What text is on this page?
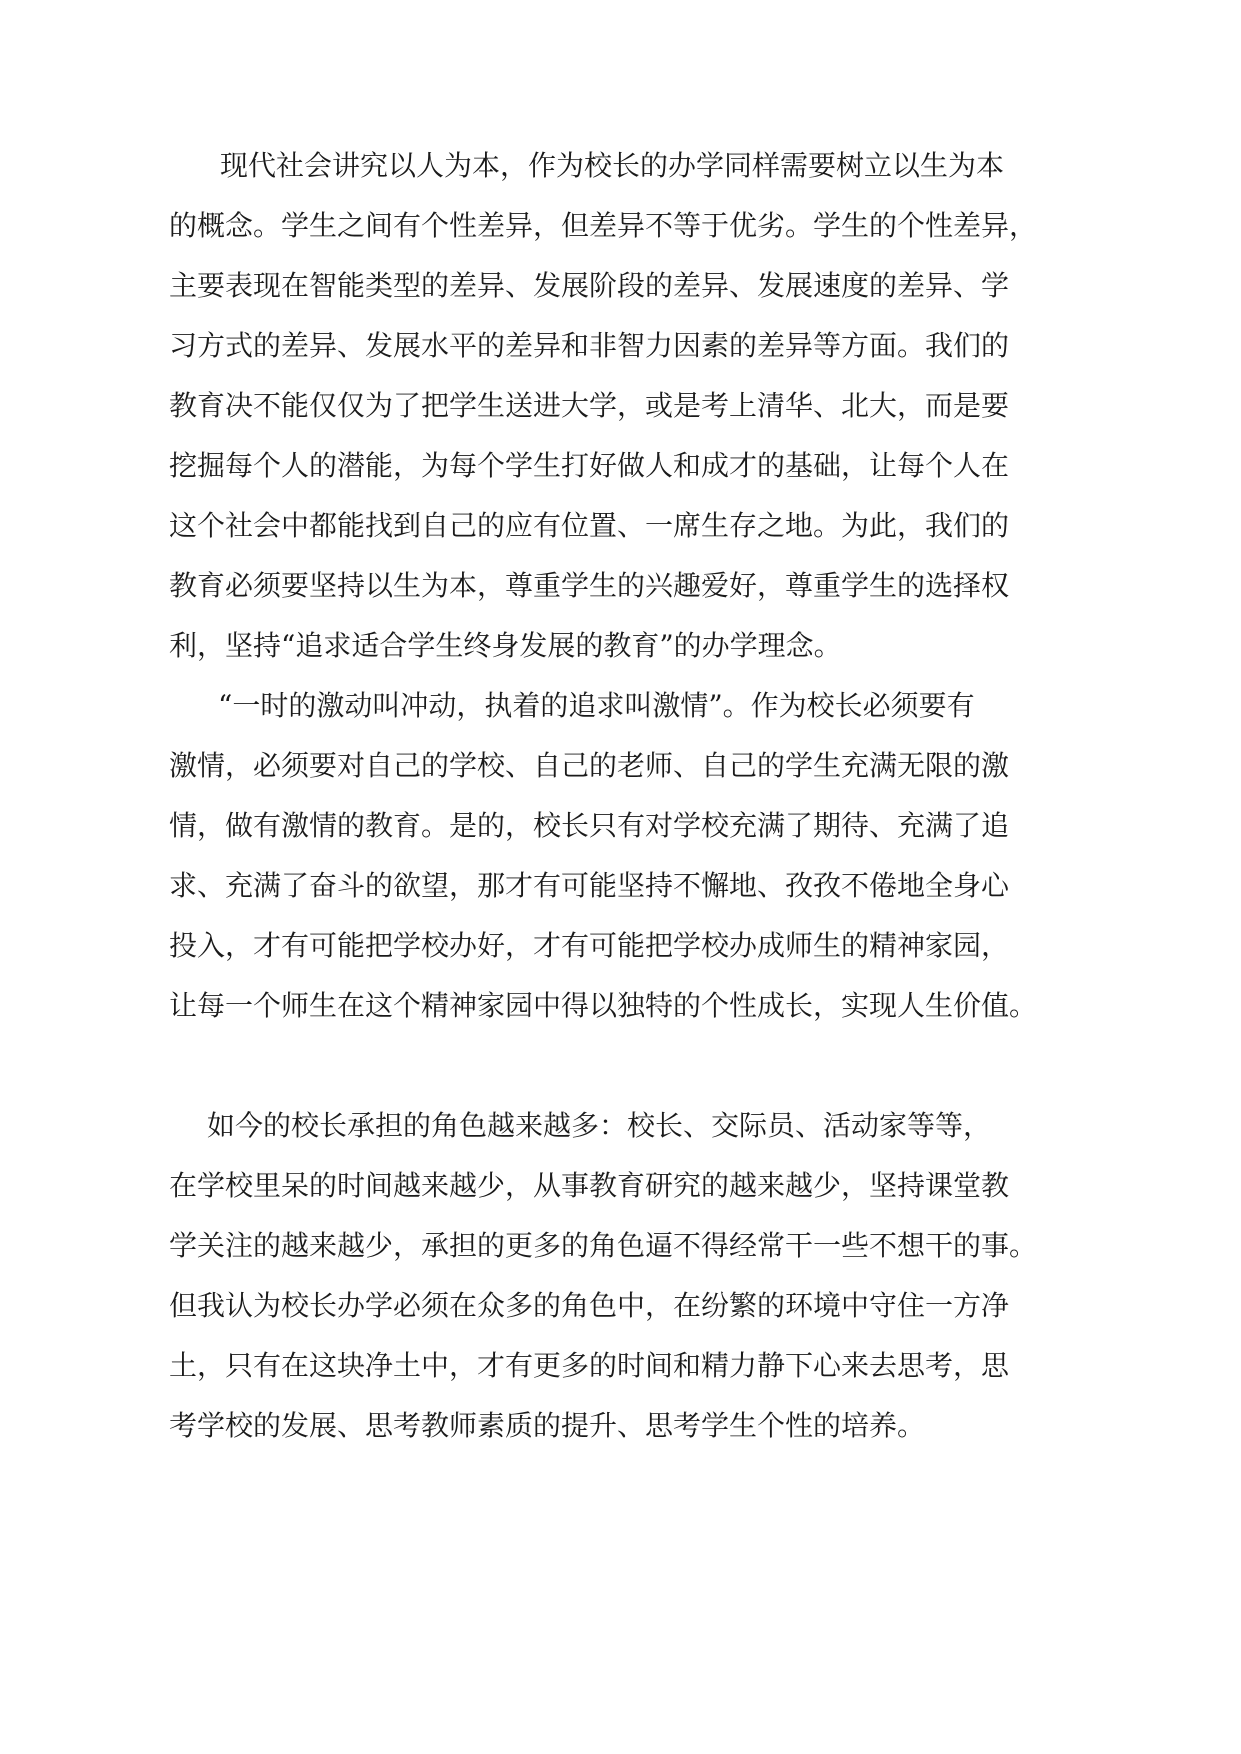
现代社会讲究以人为本，作为校长的办学同样需要树立以生为本

的概念。学生之间有个性差异，但差异不等于优劣。学生的个性差异，

主要表现在智能类型的差异、发展阶段的差异、发展速度的差异、学

习方式的差异、发展水平的差异和非智力因素的差异等方面。我们的

教育决不能仅仅为了把学生送进大学，或是考上清华、北大，而是要

挖掘每个人的潜能，为每个学生打好做人和成才的基础，让每个人在

这个社会中都能找到自己的应有位置、一席生存之地。为此，我们的

教育必须要坚持以生为本，尊重学生的兴趣爱好，尊重学生的选择权

利，坚持“追求适合学生终身发展的教育”的办学理念。

“一时的激动叫冲动，执着的追求叫激情”。作为校长必须要有

激情，必须要对自己的学校、自己的老师、自己的学生充满无限的激

情，做有激情的教育。是的，校长只有对学校充满了期待、充满了追

求、充满了奋斗的欲望，那才有可能坚持不懈地、孜孜不倦地全身心

投入，才有可能把学校办好，才有可能把学校办成师生的精神家园，

让每一个师生在这个精神家园中得以独特的个性成长，实现人生价值。

如今的校长承担的角色越来越多：校长、交际员、活动家等等，

在学校里呆的时间越来越少，从事教育研究的越来越少，坚持课堂教

学关注的越来越少，承担的更多的角色逼不得经常干一些不想干的事。

但我认为校长办学必须在众多的角色中，在纷繁的环境中守住一方净

土，只有在这块净土中，才有更多的时间和精力静下心来去思考，思

考学校的发展、思考教师素质的提升、思考学生个性的培养。
